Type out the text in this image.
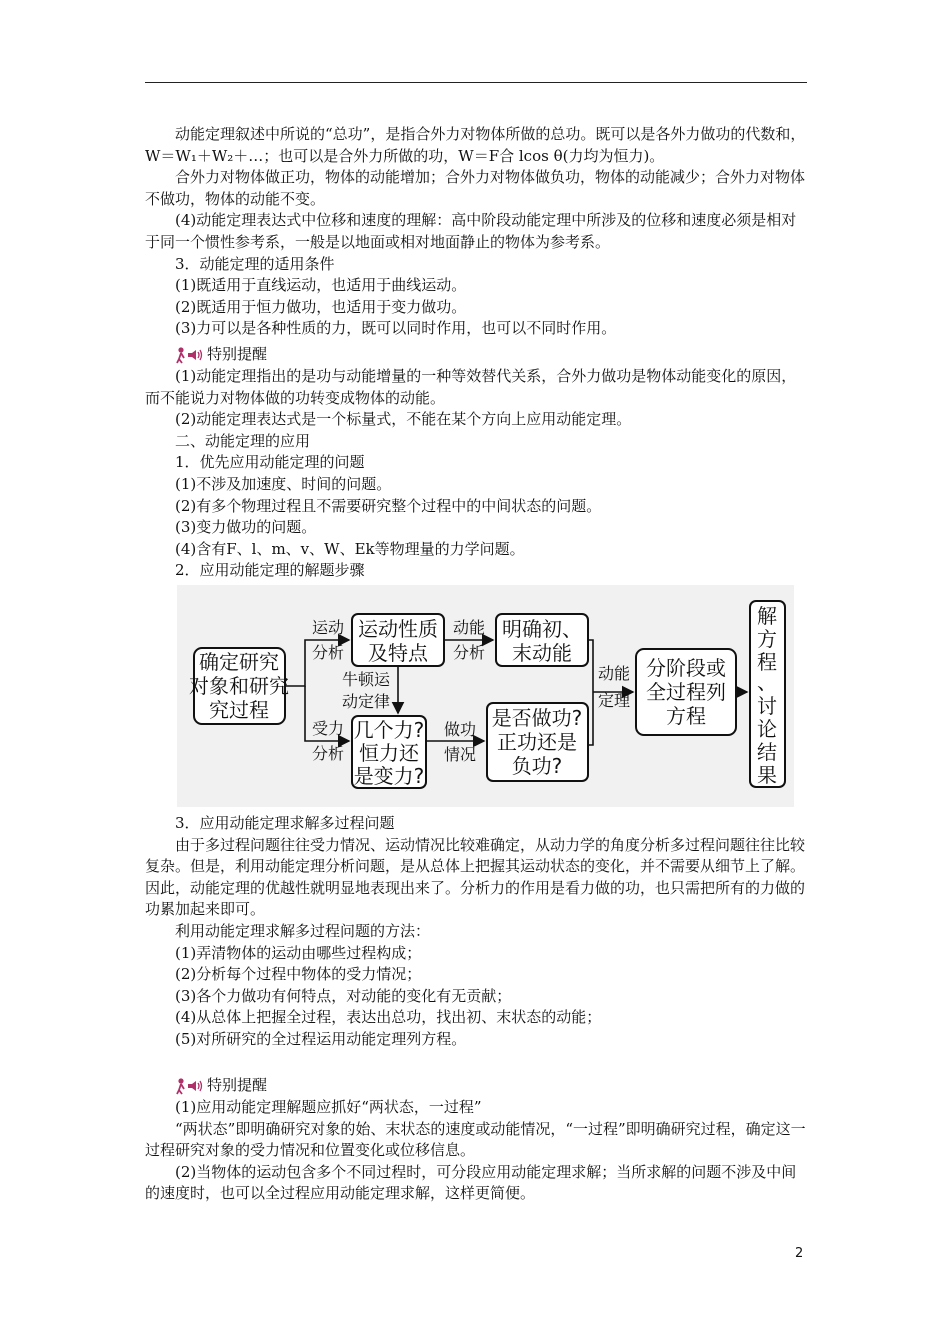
动能定理叙述中所说的“总功”，是指合外力对物体所做的总功。既可以是各外力做功的代数和，W＝W₁＋W₂＋…；也可以是合外力所做的功，W＝F合 lcos θ(力均为恒力)。

合外力对物体做正功，物体的动能增加；合外力对物体做负功，物体的动能减少；合外力对物体不做功，物体的动能不变。

(4)动能定理表达式中位移和速度的理解：高中阶段动能定理中所涉及的位移和速度必须是相对于同一个惯性参考系，一般是以地面或相对地面静止的物体为参考系。

3．动能定理的适用条件

(1)既适用于直线运动，也适用于曲线运动。

(2)既适用于恒力做功，也适用于变力做功。

(3)力可以是各种性质的力，既可以同时作用，也可以不同时作用。

特别提醒

(1)动能定理指出的是功与动能增量的一种等效替代关系，合外力做功是物体动能变化的原因，而不能说力对物体做的功转变成物体的动能。

(2)动能定理表达式是一个标量式，不能在某个方向上应用动能定理。

二、动能定理的应用

1．优先应用动能定理的问题

(1)不涉及加速度、时间的问题。

(2)有多个物理过程且不需要研究整个过程中的中间状态的问题。

(3)变力做功的问题。

(4)含有F、l、m、v、W、Ek等物理量的力学问题。

2．应用动能定理的解题步骤

确定研究
对象和研究
究过程
运动性质
及特点
明确初、
末动能
几个力?
恒力还
是变力?
是否做功?
正功还是
负功?
分阶段或
全过程列
方程
解
方
程
、
讨
论
结
果
运动
分析
动能
分析
牛顿运
动定律
受力
分析
做功
情况
动能
定理

3．应用动能定理求解多过程问题

由于多过程问题往往受力情况、运动情况比较难确定，从动力学的角度分析多过程问题往往比较复杂。但是，利用动能定理分析问题，是从总体上把握其运动状态的变化，并不需要从细节上了解。因此，动能定理的优越性就明显地表现出来了。分析力的作用是看力做的功，也只需把所有的力做的功累加起来即可。

利用动能定理求解多过程问题的方法：

(1)弄清物体的运动由哪些过程构成；

(2)分析每个过程中物体的受力情况；

(3)各个力做功有何特点，对动能的变化有无贡献；

(4)从总体上把握全过程，表达出总功，找出初、末状态的动能；

(5)对所研究的全过程运用动能定理列方程。

特别提醒

(1)应用动能定理解题应抓好“两状态，一过程”

“两状态”即明确研究对象的始、末状态的速度或动能情况，“一过程”即明确研究过程，确定这一过程研究对象的受力情况和位置变化或位移信息。

(2)当物体的运动包含多个不同过程时，可分段应用动能定理求解；当所求解的问题不涉及中间的速度时，也可以全过程应用动能定理求解，这样更简便。

2
